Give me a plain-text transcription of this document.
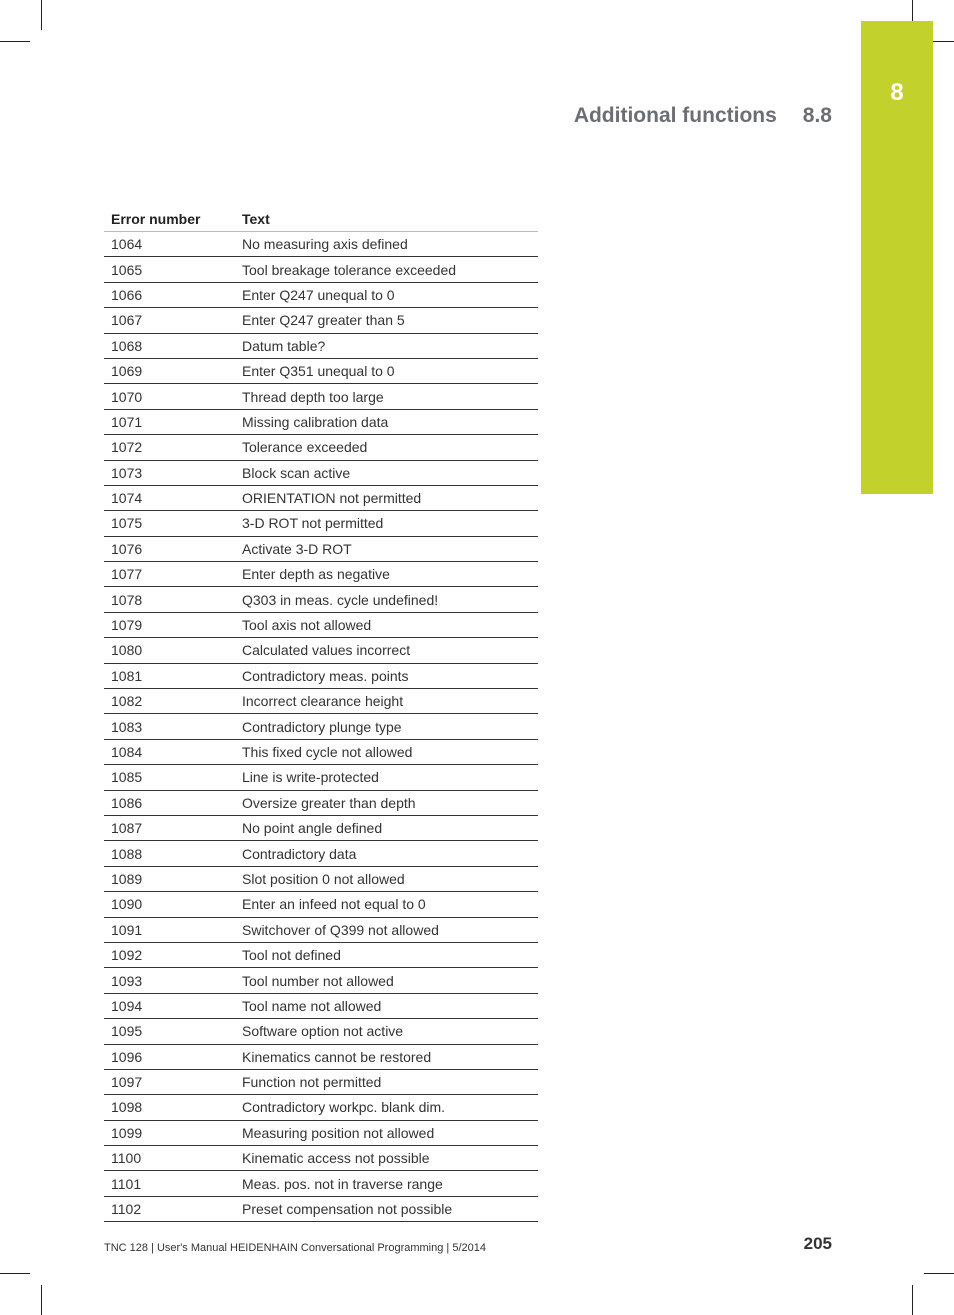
8
Additional functions 8.8
Error number	Text
1064	No measuring axis defined
1065	Tool breakage tolerance exceeded
1066	Enter Q247 unequal to 0
1067	Enter Q247 greater than 5
1068	Datum table?
1069	Enter Q351 unequal to 0
1070	Thread depth too large
1071	Missing calibration data
1072	Tolerance exceeded
1073	Block scan active
1074	ORIENTATION not permitted
1075	3-D ROT not permitted
1076	Activate 3-D ROT
1077	Enter depth as negative
1078	Q303 in meas. cycle undefined!
1079	Tool axis not allowed
1080	Calculated values incorrect
1081	Contradictory meas. points
1082	Incorrect clearance height
1083	Contradictory plunge type
1084	This fixed cycle not allowed
1085	Line is write-protected
1086	Oversize greater than depth
1087	No point angle defined
1088	Contradictory data
1089	Slot position 0 not allowed
1090	Enter an infeed not equal to 0
1091	Switchover of Q399 not allowed
1092	Tool not defined
1093	Tool number not allowed
1094	Tool name not allowed
1095	Software option not active
1096	Kinematics cannot be restored
1097	Function not permitted
1098	Contradictory workpc. blank dim.
1099	Measuring position not allowed
1100	Kinematic access not possible
1101	Meas. pos. not in traverse range
1102	Preset compensation not possible
TNC 128 | User's Manual HEIDENHAIN Conversational Programming | 5/2014	205
